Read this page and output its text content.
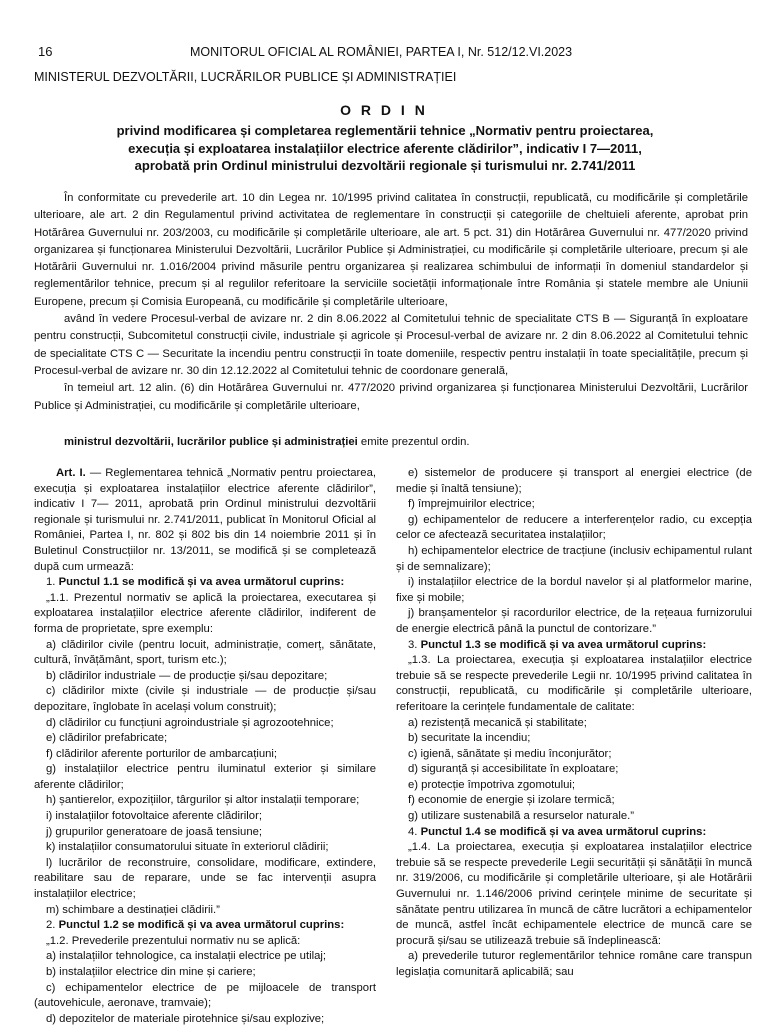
16	MONITORUL OFICIAL AL ROMÂNIEI, PARTEA I, Nr. 512/12.VI.2023
MINISTERUL DEZVOLTĂRII, LUCRĂRILOR PUBLICE ȘI ADMINISTRAȚIEI
O R D I N
privind modificarea și completarea reglementării tehnice „Normativ pentru proiectarea,
execuția și exploatarea instalațiilor electrice aferente clădirilor”, indicativ I 7—2011,
aprobată prin Ordinul ministrului dezvoltării regionale și turismului nr. 2.741/2011

În conformitate cu prevederile art. 10 din Legea nr. 10/1995 privind calitatea în construcții, republicată, cu modificările și completările ulterioare, ale art. 2 din Regulamentul privind activitatea de reglementare în construcții și categoriile de cheltuieli aferente, aprobat prin Hotărârea Guvernului nr. 203/2003, cu modificările și completările ulterioare, ale art. 5 pct. 31) din Hotărârea Guvernului nr. 477/2020 privind organizarea și funcționarea Ministerului Dezvoltării, Lucrărilor Publice și Administrației, cu modificările și completările ulterioare, precum și ale Hotărârii Guvernului nr. 1.016/2004 privind măsurile pentru organizarea și realizarea schimbului de informații în domeniul standardelor și reglementărilor tehnice, precum și al regulilor referitoare la serviciile societății informaționale între România și statele membre ale Uniunii Europene, precum și Comisia Europeană, cu modificările și completările ulterioare,

având în vedere Procesul-verbal de avizare nr. 2 din 8.06.2022 al Comitetului tehnic de specialitate CTS B — Siguranță în exploatare pentru construcții, Subcomitetul construcții civile, industriale și agricole și Procesul-verbal de avizare nr. 2 din 8.06.2022 al Comitetului tehnic de specialitate CTS C — Securitate la incendiu pentru construcții în toate domeniile, respectiv pentru instalații în toate specialitățile, precum și Procesul-verbal de avizare nr. 30 din 12.12.2022 al Comitetului tehnic de coordonare generală,

în temeiul art. 12 alin. (6) din Hotărârea Guvernului nr. 477/2020 privind organizarea și funcționarea Ministerului Dezvoltării, Lucrărilor Publice și Administrației, cu modificările și completările ulterioare,

ministrul dezvoltării, lucrărilor publice și administrației emite prezentul ordin.

Art. I. — Reglementarea tehnică „Normativ pentru proiectarea, execuția și exploatarea instalațiilor electrice aferente clădirilor”, indicativ I 7— 2011, aprobată prin Ordinul ministrului dezvoltării regionale și turismului nr. 2.741/2011, publicat în Monitorul Oficial al României, Partea I, nr. 802 și 802 bis din 14 noiembrie 2011 și în Buletinul Construcțiilor nr. 13/2011, se modifică și se completează după cum urmează:

1. Punctul 1.1 se modifică și va avea următorul cuprins:

„1.1. Prezentul normativ se aplică la proiectarea, executarea și exploatarea instalațiilor electrice aferente clădirilor, indiferent de forma de proprietate, spre exemplu:

a) clădirilor civile (pentru locuit, administrație, comerț, sănătate, cultură, învățământ, sport, turism etc.);

b) clădirilor industriale — de producție și/sau depozitare;

c) clădirilor mixte (civile și industriale — de producție și/sau depozitare, înglobate în același volum construit);

d) clădirilor cu funcțiuni agroindustriale și agrozootehnice;

e) clădirilor prefabricate;

f) clădirilor aferente porturilor de ambarcațiuni;

g) instalațiilor electrice pentru iluminatul exterior și similare aferente clădirilor;

h) șantierelor, expozițiilor, târgurilor și altor instalații temporare;

i) instalațiilor fotovoltaice aferente clădirilor;

j) grupurilor generatoare de joasă tensiune;

k) instalațiilor consumatorului situate în exteriorul clădirii;

l) lucrărilor de reconstruire, consolidare, modificare, extindere, reabilitare sau de reparare, unde se fac intervenții asupra instalațiilor electrice;

m) schimbare a destinației clădirii.”

2. Punctul 1.2 se modifică și va avea următorul cuprins:

„1.2. Prevederile prezentului normativ nu se aplică:

a) instalațiilor tehnologice, ca instalații electrice pe utilaj;

b) instalațiilor electrice din mine și cariere;

c) echipamentelor electrice de pe mijloacele de transport (autovehicule, aeronave, tramvaie);

d) depozitelor de materiale pirotehnice și/sau explozive;

e) sistemelor de producere și transport al energiei electrice (de medie și înaltă tensiune);

f) împrejmuirilor electrice;

g) echipamentelor de reducere a interferențelor radio, cu excepția celor ce afectează securitatea instalațiilor;

h) echipamentelor electrice de tracțiune (inclusiv echipamentul rulant și de semnalizare);

i) instalațiilor electrice de la bordul navelor și al platformelor marine, fixe și mobile;

j) branșamentelor și racordurilor electrice, de la rețeaua furnizorului de energie electrică până la punctul de contorizare.”

3. Punctul 1.3 se modifică și va avea următorul cuprins:

„1.3. La proiectarea, execuția și exploatarea instalațiilor electrice trebuie să se respecte prevederile Legii nr. 10/1995 privind calitatea în construcții, republicată, cu modificările și completările ulterioare, referitoare la cerințele fundamentale de calitate:

a) rezistență mecanică și stabilitate;

b) securitate la incendiu;

c) igienă, sănătate și mediu înconjurător;

d) siguranță și accesibilitate în exploatare;

e) protecție împotriva zgomotului;

f) economie de energie și izolare termică;

g) utilizare sustenabilă a resurselor naturale.”

4. Punctul 1.4 se modifică și va avea următorul cuprins:

„1.4. La proiectarea, execuția și exploatarea instalațiilor electrice trebuie să se respecte prevederile Legii securității și sănătății în muncă nr. 319/2006, cu modificările și completările ulterioare, și ale Hotărârii Guvernului nr. 1.146/2006 privind cerințele minime de securitate și sănătate pentru utilizarea în muncă de către lucrători a echipamentelor de muncă, astfel încât echipamentele electrice de muncă care se procură și/sau se utilizează trebuie să îndeplinească:

a) prevederile tuturor reglementărilor tehnice române care transpun legislația comunitară aplicabilă; sau
